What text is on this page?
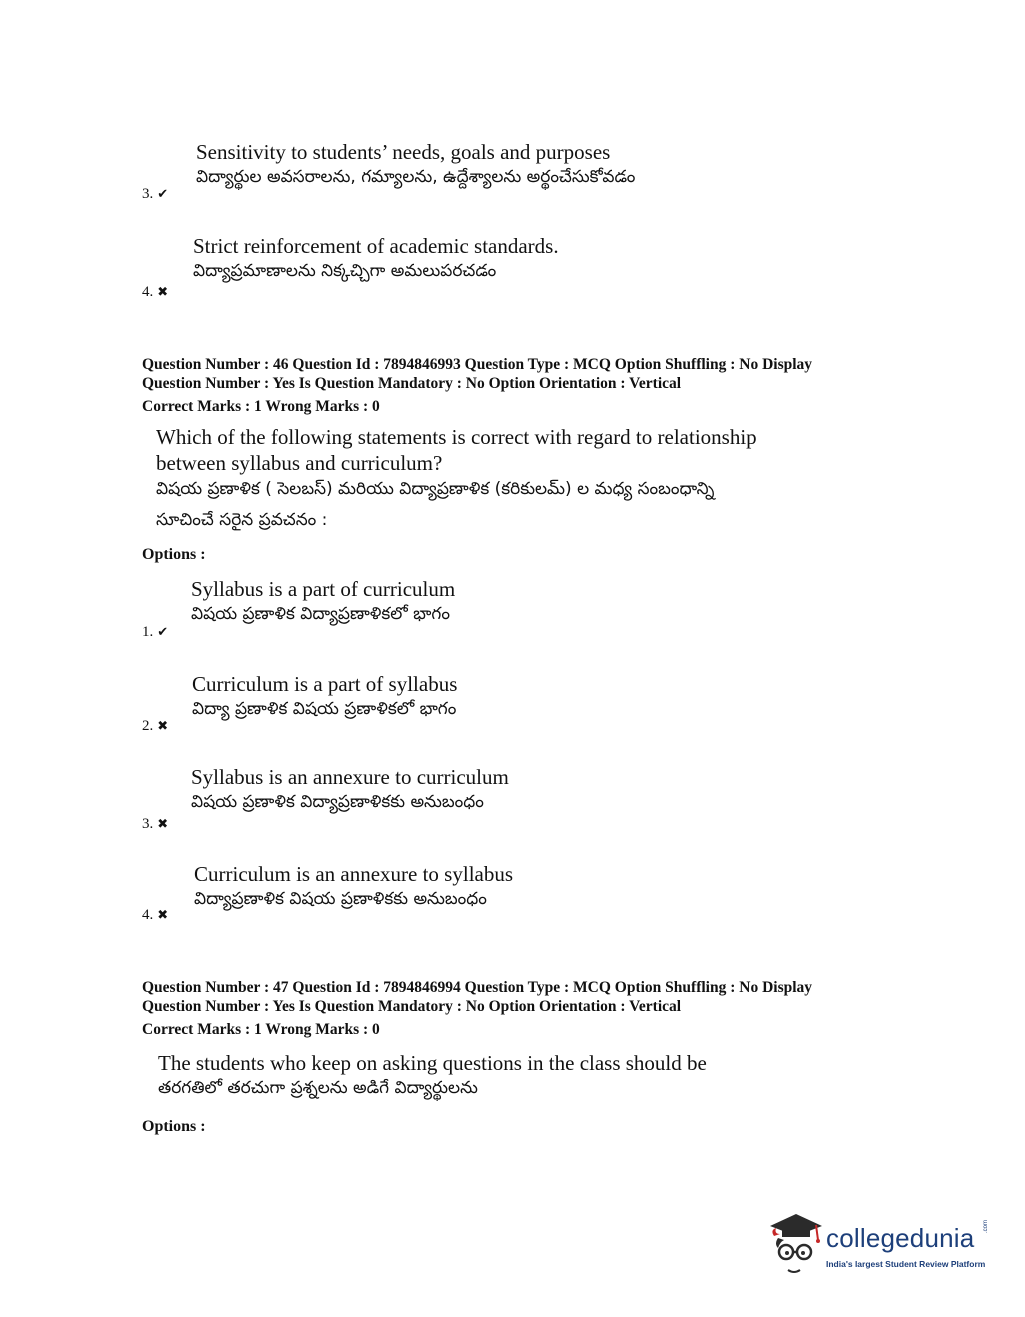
Sensitivity to students’ needs, goals and purposes
విద్యార్థుల అవసరాలను, గమ్యాలను, ఉద్దేశ్యాలను అర్థంచేసుకోవడం
3. ✔
Strict reinforcement of academic standards.
విద్యాప్రమాణాలను నిక్కచ్చిగా అమలుపరచడం
4. ✖
Question Number : 46 Question Id : 7894846993 Question Type : MCQ Option Shuffling : No Display
Question Number : Yes Is Question Mandatory : No Option Orientation : Vertical
Correct Marks : 1 Wrong Marks : 0
Which of the following statements is correct with regard to relationship
between syllabus and curriculum?
విషయ ప్రణాళిక ( సెలబస్) మరియు విద్యాప్రణాళిక (కరికులమ్) ల మధ్య సంబంధాన్ని
సూచించే సరైన ప్రవచనం :
Options :
Syllabus is a part of curriculum
విషయ ప్రణాళిక విద్యాప్రణాళికలో భాగం
1. ✔
Curriculum is a part of syllabus
విద్యా ప్రణాళిక విషయ ప్రణాళికలో భాగం
2. ✖
Syllabus is an annexure to curriculum
విషయ ప్రణాళిక విద్యాప్రణాళికకు అనుబంధం
3. ✖
Curriculum is an annexure to syllabus
విద్యాప్రణాళిక విషయ ప్రణాళికకు అనుబంధం
4. ✖
Question Number : 47 Question Id : 7894846994 Question Type : MCQ Option Shuffling : No Display
Question Number : Yes Is Question Mandatory : No Option Orientation : Vertical
Correct Marks : 1 Wrong Marks : 0
The students who keep on asking questions in the class should be
తరగతిలో తరచుగా ప్రశ్నలను అడిగే విద్యార్థులను
Options :
collegedunia .com
India's largest Student Review Platform
